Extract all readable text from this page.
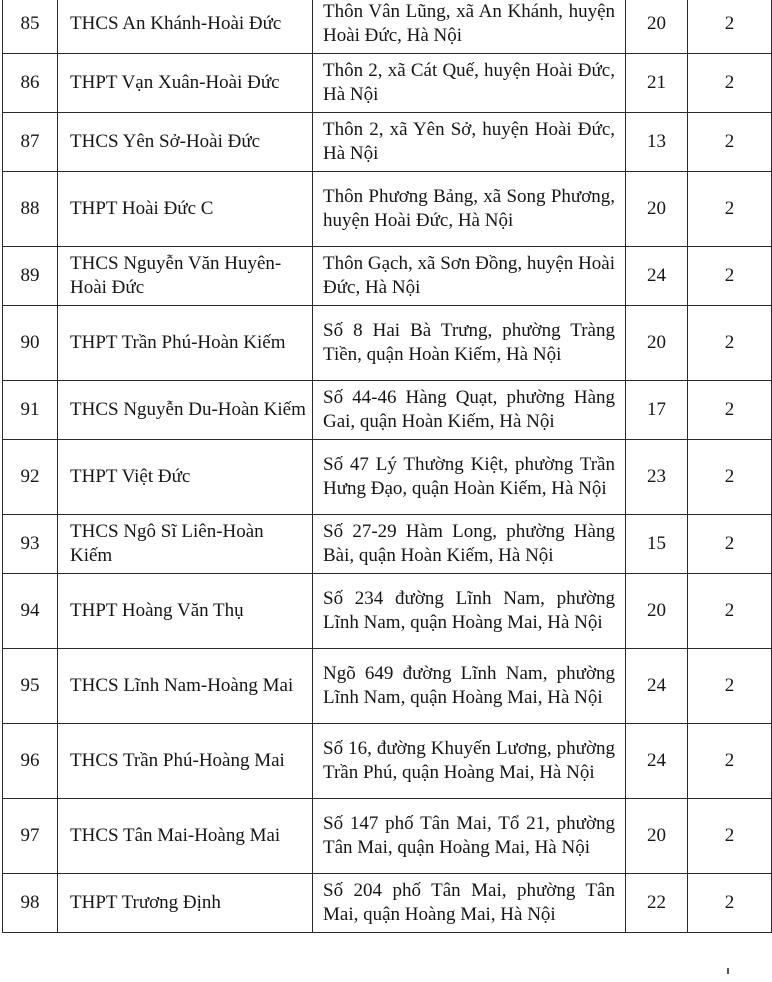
85	THCS An Khánh-Hoài Đức	Thôn Vân Lũng, xã An Khánh, huyện Hoài Đức, Hà Nội	20	2
86	THPT Vạn Xuân-Hoài Đức	Thôn 2, xã Cát Quế, huyện Hoài Đức, Hà Nội	21	2
87	THCS Yên Sở-Hoài Đức	Thôn 2, xã Yên Sở, huyện Hoài Đức, Hà Nội	13	2
88	THPT Hoài Đức C	Thôn Phương Bảng, xã Song Phương, huyện Hoài Đức, Hà Nội	20	2
89	THCS Nguyễn Văn Huyên-Hoài Đức	Thôn Gạch, xã Sơn Đồng, huyện Hoài Đức, Hà Nội	24	2
90	THPT Trần Phú-Hoàn Kiếm	Số 8 Hai Bà Trưng, phường Tràng Tiền, quận Hoàn Kiếm, Hà Nội	20	2
91	THCS Nguyễn Du-Hoàn Kiếm	Số 44-46 Hàng Quạt, phường Hàng Gai, quận Hoàn Kiếm, Hà Nội	17	2
92	THPT Việt Đức	Số 47 Lý Thường Kiệt, phường Trần Hưng Đạo, quận Hoàn Kiếm, Hà Nội	23	2
93	THCS Ngô Sĩ Liên-Hoàn Kiếm	Số 27-29 Hàm Long, phường Hàng Bài, quận Hoàn Kiếm, Hà Nội	15	2
94	THPT Hoàng Văn Thụ	Số 234 đường Lĩnh Nam, phường Lĩnh Nam, quận Hoàng Mai, Hà Nội	20	2
95	THCS Lĩnh Nam-Hoàng Mai	Ngõ 649 đường Lĩnh Nam, phường Lĩnh Nam, quận Hoàng Mai, Hà Nội	24	2
96	THCS Trần Phú-Hoàng Mai	Số 16, đường Khuyến Lương, phường Trần Phú, quận Hoàng Mai, Hà Nội	24	2
97	THCS Tân Mai-Hoàng Mai	Số 147 phố Tân Mai, Tổ 21, phường Tân Mai, quận Hoàng Mai, Hà Nội	20	2
98	THPT Trương Định	Số 204 phố Tân Mai, phường Tân Mai, quận Hoàng Mai, Hà Nội	22	2
